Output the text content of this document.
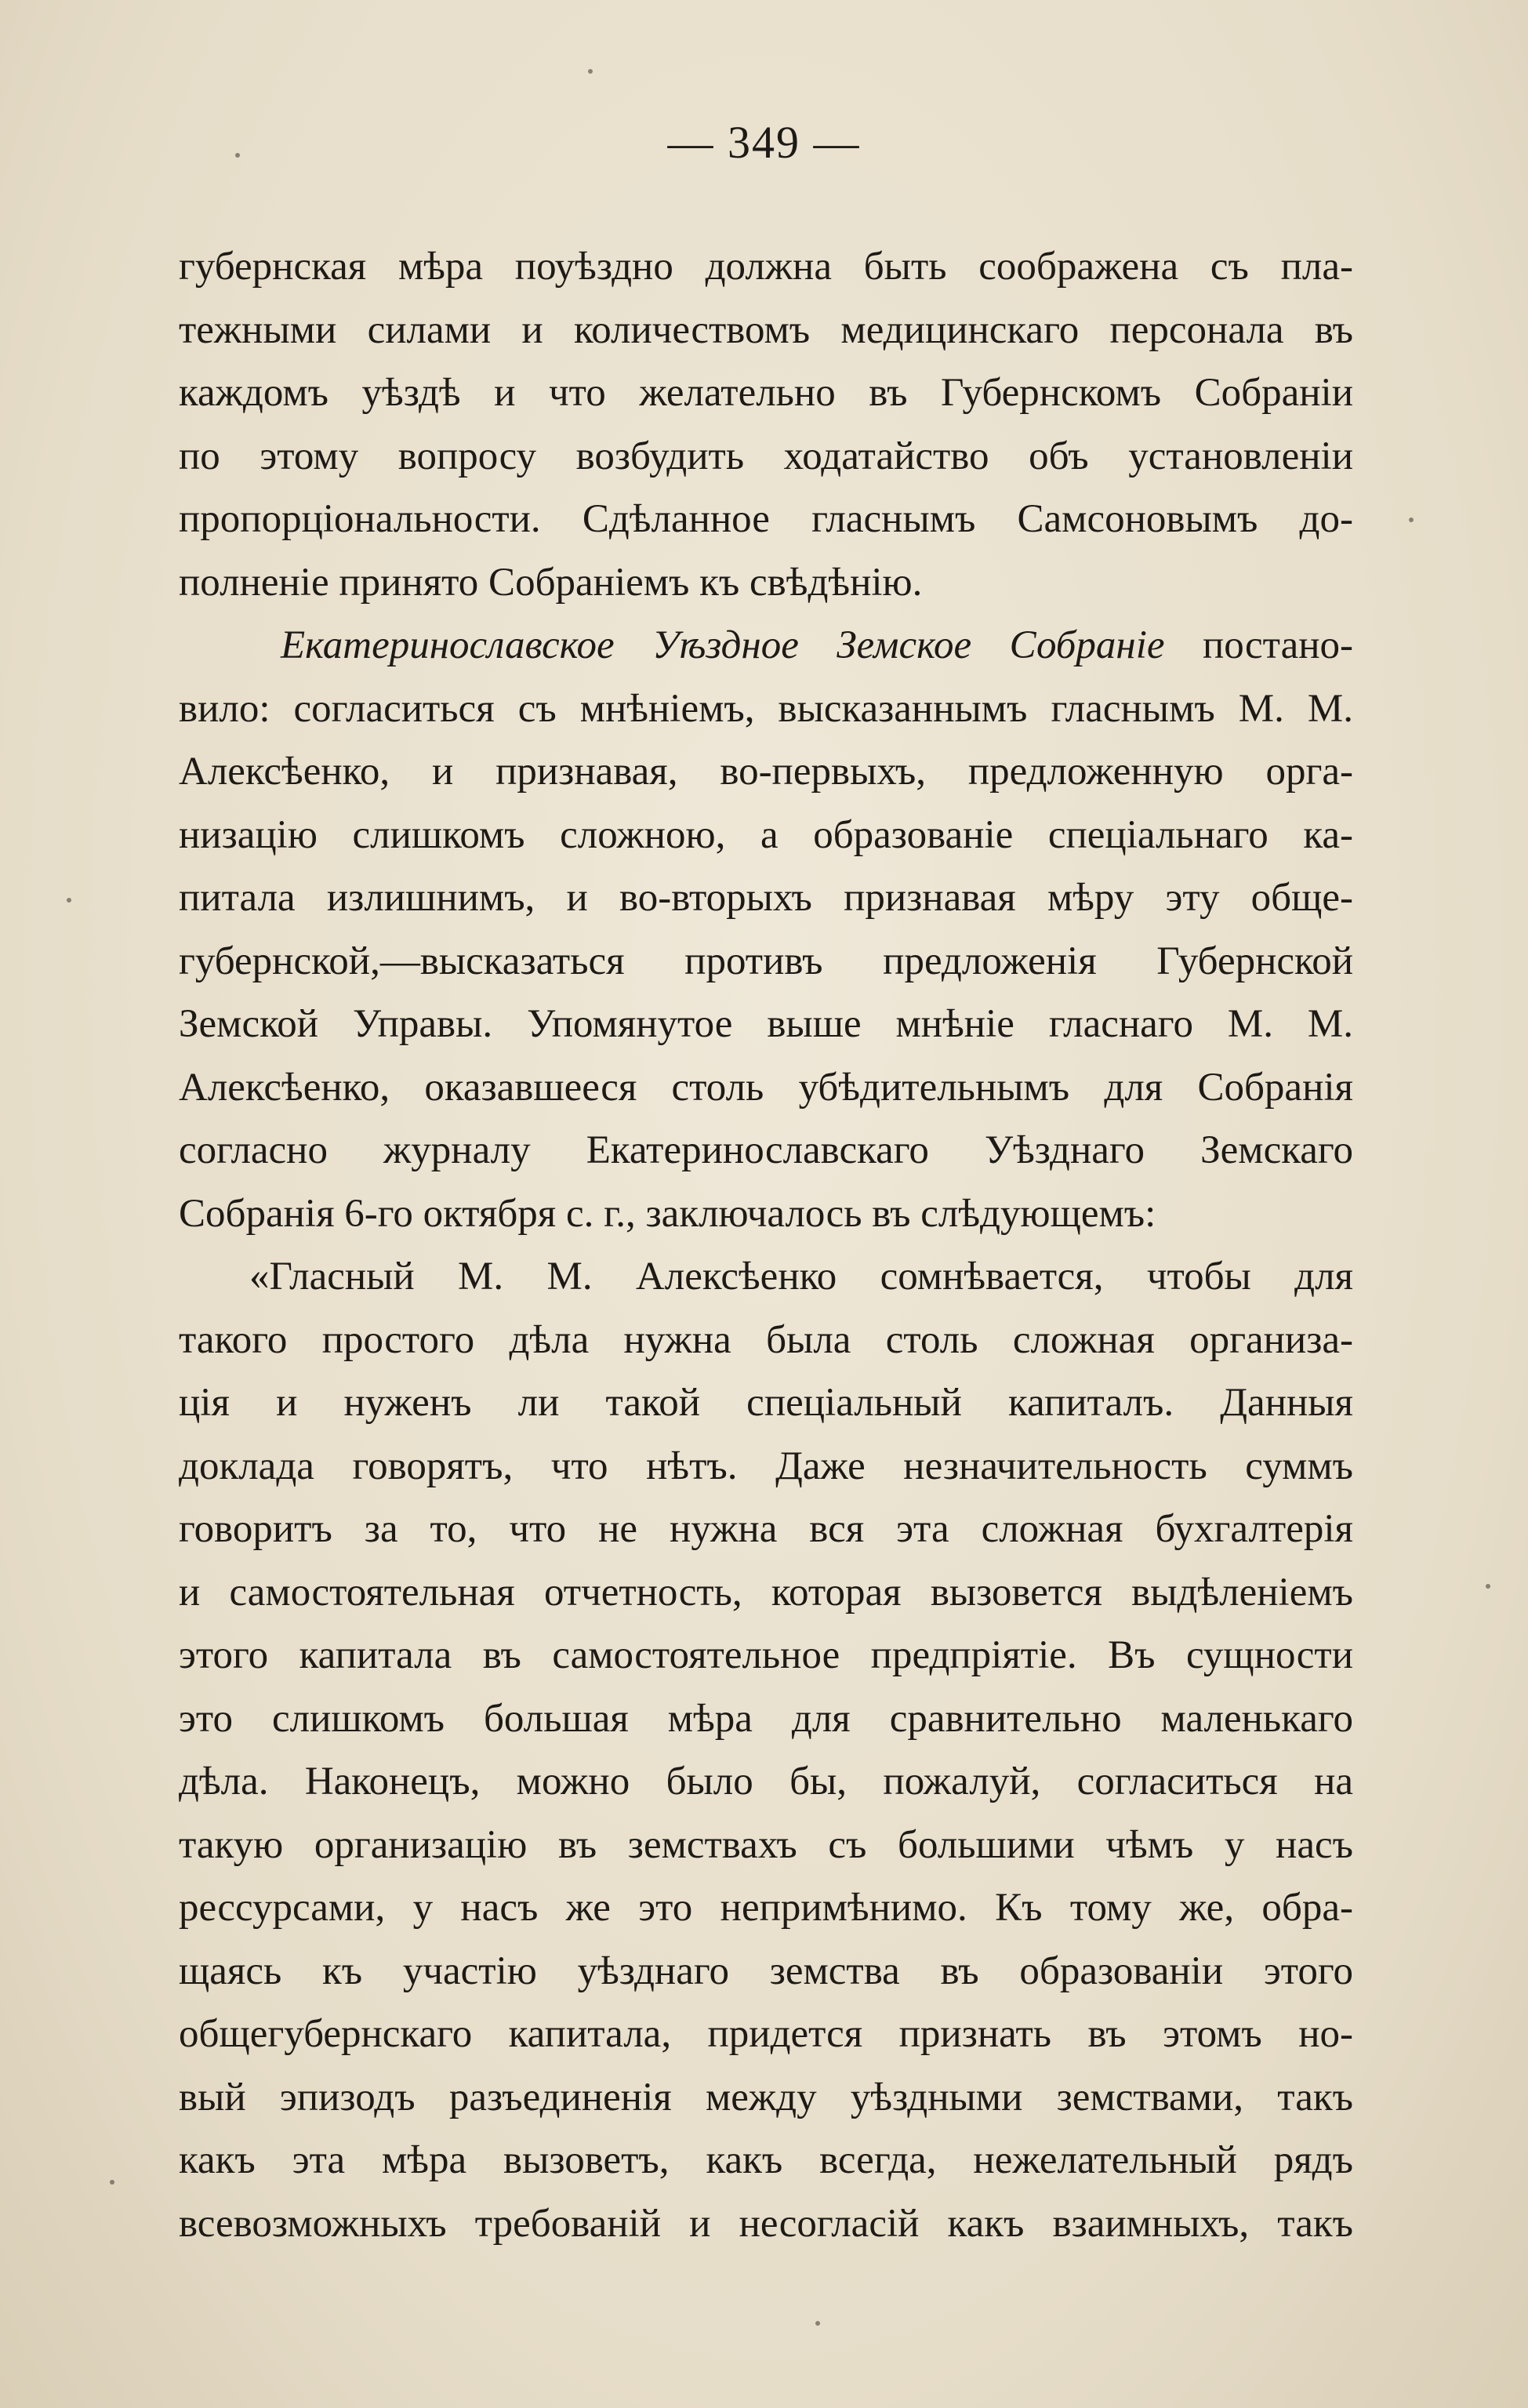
— 349 —
губернская мѣра поуѣздно должна быть соображена съ пла-
тежными силами и количествомъ медицинскаго персонала въ
каждомъ уѣздѣ и что желательно въ Губернскомъ Собраніи
по этому вопросу возбудить ходатайство объ установленіи
пропорціональности. Сдѣланное гласнымъ Самсоновымъ до-
полненіе принято Собраніемъ къ свѣдѣнію.
Екатеринославское Уѣздное Земское Собраніе постано-
вило: согласиться съ мнѣніемъ, высказаннымъ гласнымъ М. М.
Алексѣенко, и признавая, во-первыхъ, предложенную орга-
низацію слишкомъ сложною, а образованіе спеціальнаго ка-
питала излишнимъ, и во-вторыхъ признавая мѣру эту обще-
губернской,—высказаться противъ предложенія Губернской
Земской Управы. Упомянутое выше мнѣніе гласнаго М. М.
Алексѣенко, оказавшееся столь убѣдительнымъ для Собранія
согласно журналу Екатеринославскаго Уѣзднаго Земскаго
Собранія 6-го октября с. г., заключалось въ слѣдующемъ:
«Гласный М. М. Алексѣенко сомнѣвается, чтобы для
такого простого дѣла нужна была столь сложная организа-
ція и нуженъ ли такой спеціальный капиталъ. Данныя
доклада говорятъ, что нѣтъ. Даже незначительность суммъ
говоритъ за то, что не нужна вся эта сложная бухгалтерія
и самостоятельная отчетность, которая вызовется выдѣленіемъ
этого капитала въ самостоятельное предпріятіе. Въ сущности
это слишкомъ большая мѣра для сравнительно маленькаго
дѣла. Наконецъ, можно было бы, пожалуй, согласиться на
такую организацію въ земствахъ съ большими чѣмъ у насъ
рессурсами, у насъ же это непримѣнимо. Къ тому же, обра-
щаясь къ участію уѣзднаго земства въ образованіи этого
общегубернскаго капитала, придется признать въ этомъ но-
вый эпизодъ разъединенія между уѣздными земствами, такъ
какъ эта мѣра вызоветъ, какъ всегда, нежелательный рядъ
всевозможныхъ требованій и несогласій какъ взаимныхъ, такъ
